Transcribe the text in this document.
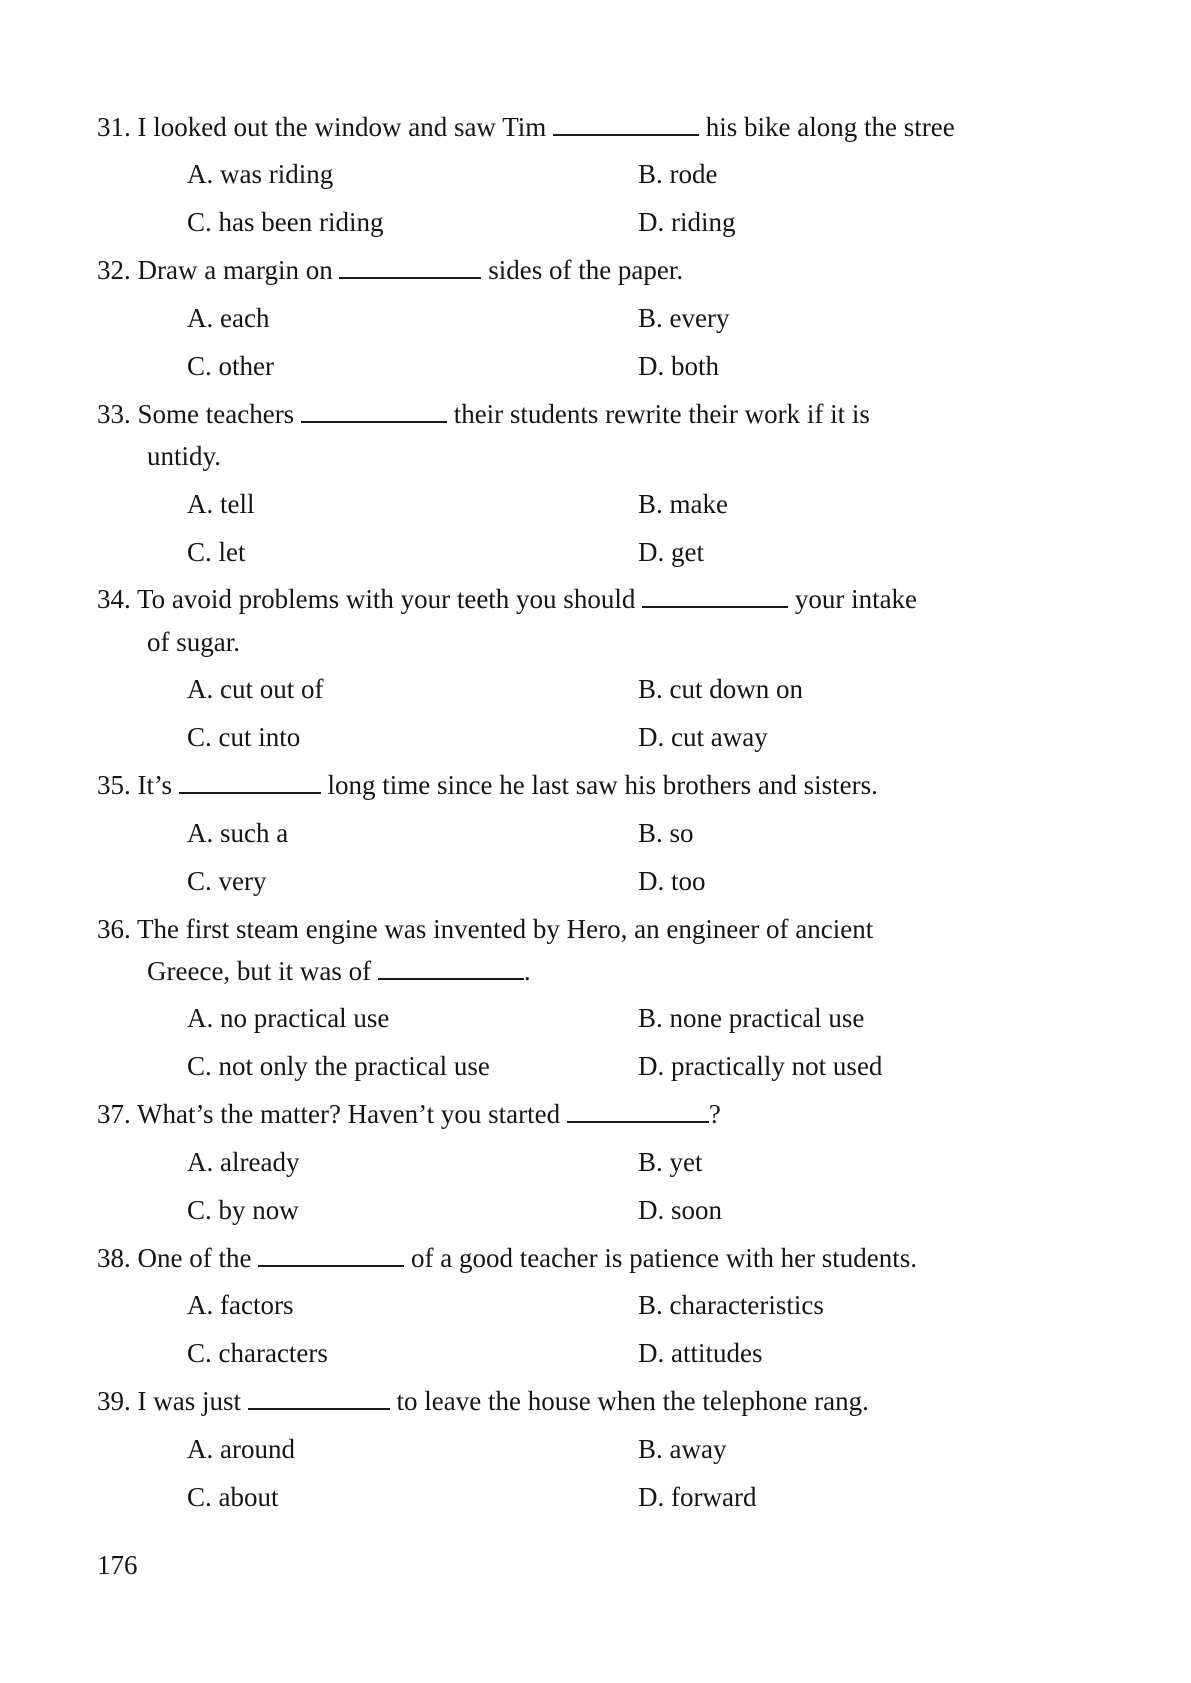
31. I looked out the window and saw Tim	his bike along the stree
A. was riding	B. rode
C. has been riding	D. riding
32. Draw a margin on	sides of the paper.
A. each	B. every
C. other	D. both
33. Some teachers	their students rewrite their work if it is
untidy.
A. tell	B. make
C. let	D. get
34. To avoid problems with your teeth you should	your intake
of sugar.
A. cut out of	B. cut down on
C. cut into	D. cut away
35. It’s	long time since he last saw his brothers and sisters.
A. such a	B. so
C. very	D. too
36. The first steam engine was invented by Hero, an engineer of ancient
Greece, but it was of	.
A. no practical use	B. none practical use
C. not only the practical use	D. practically not used
37. What’s the matter? Haven’t you started	?
A. already	B. yet
C. by now	D. soon
38. One of the	of a good teacher is patience with her students.
A. factors	B. characteristics
C. characters	D. attitudes
39. I was just	to leave the house when the telephone rang.
A. around	B. away
C. about	D. forward
176
